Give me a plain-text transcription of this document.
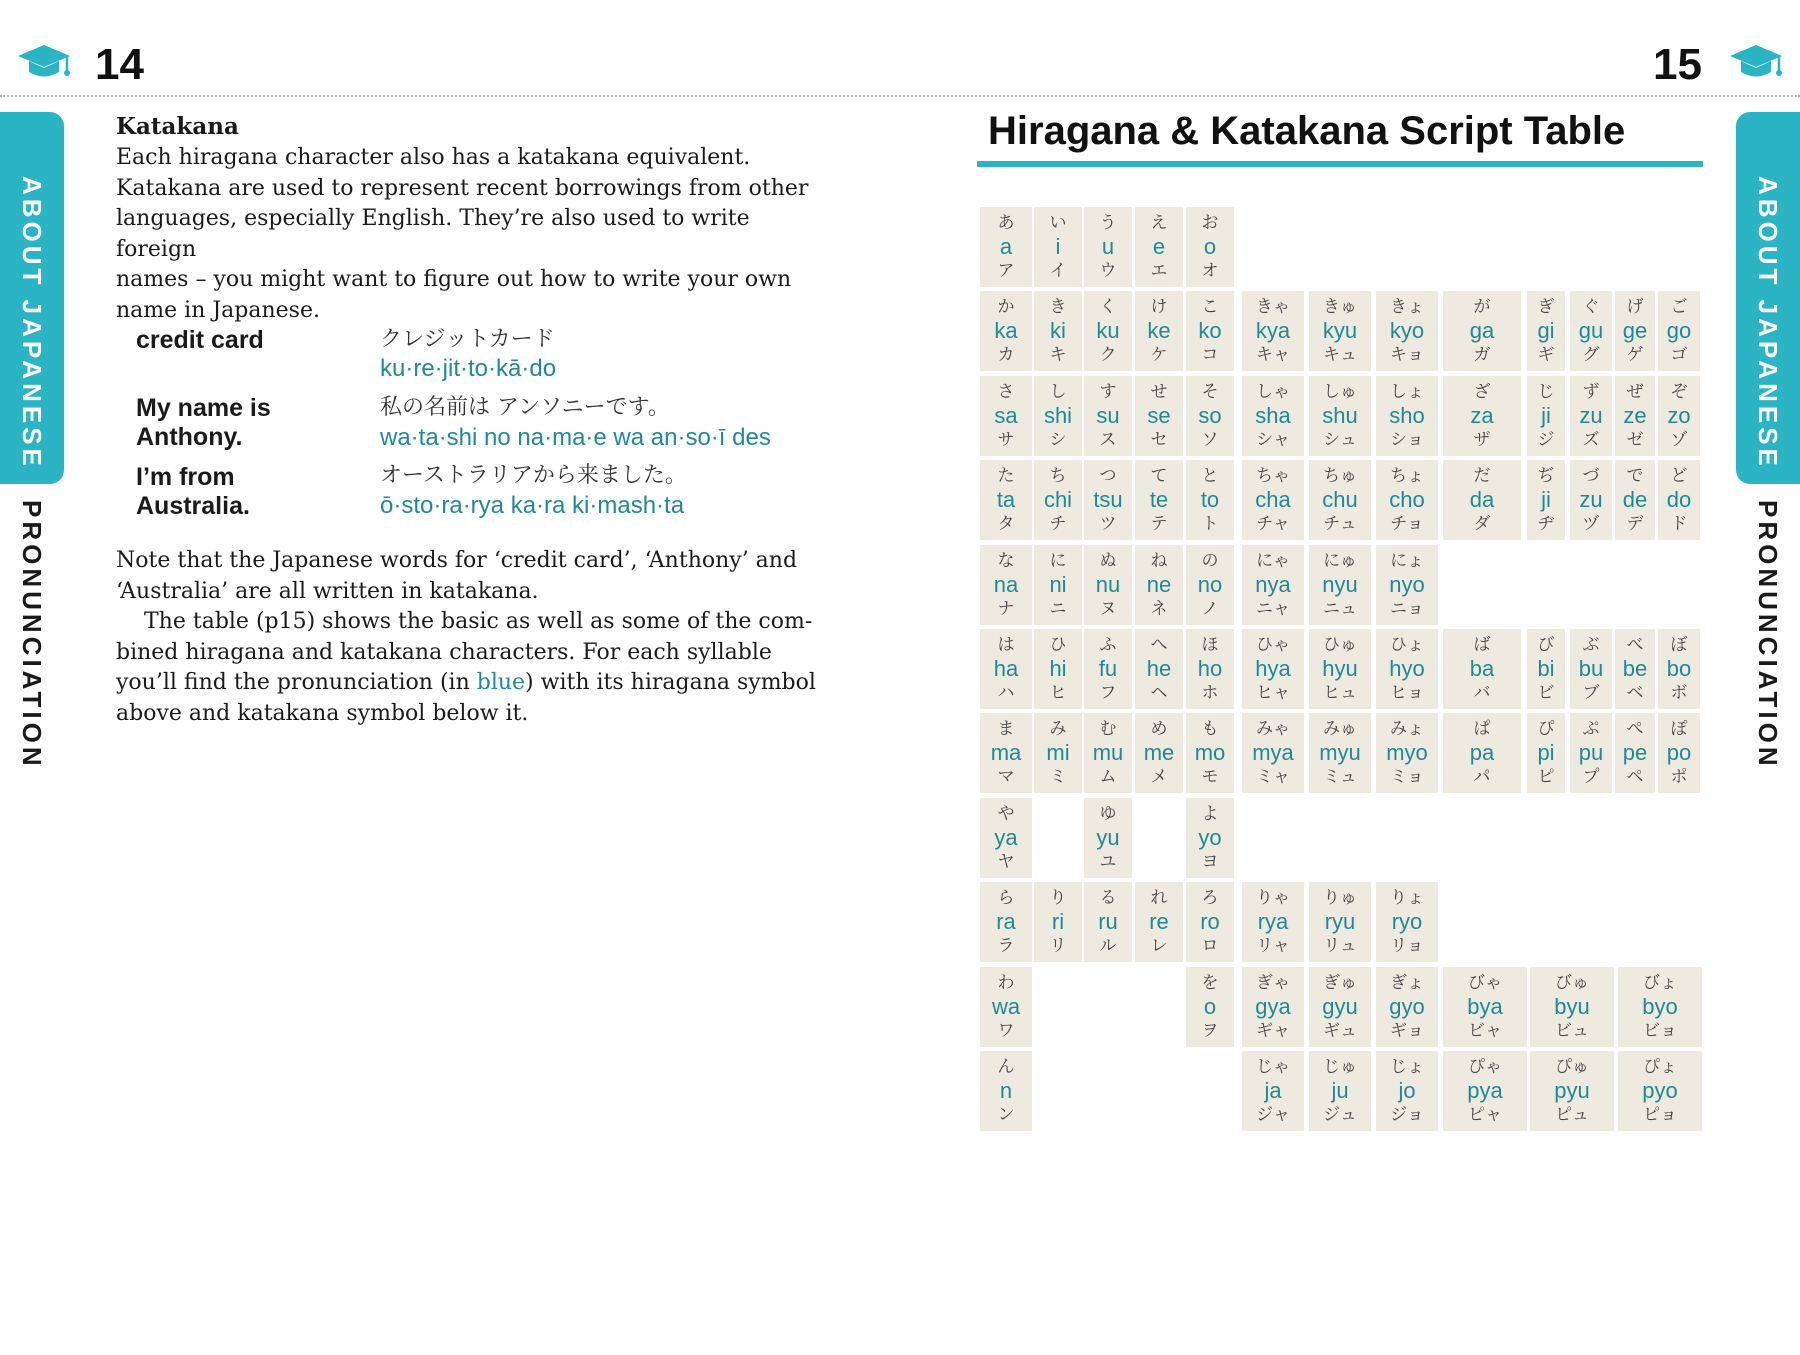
14	15
ABOUT JAPANESE
PRONUNCIATION
ABOUT JAPANESE
PRONUNCIATION
Katakana

Each hiragana character also has a katakana equivalent.

Katakana are used to represent recent borrowings from other

languages, especially English. They’re also used to write foreign

names – you might want to figure out how to write your own

name in Japanese.

credit card	クレジットカード
ku·re·jit·to·kā·do
My name is Anthony.
私の名前は アンソニーです。
wa·ta·shi no na·ma·e wa an·so·ī des
I’m from Australia.
オーストラリアから来ました。
ō·sto·ra·rya ka·ra ki·mash·ta

Note that the Japanese words for ‘credit card’, ‘Anthony’ and

‘Australia’ are all written in katakana.

The table (p15) shows the basic as well as some of the com-

bined hiragana and katakana characters. For each syllable

you’ll find the pronunciation (in blue) with its hiragana symbol

above and katakana symbol below it.

Hiragana & Katakana Script Table
あ
a
ア
い
i
イ
う
u
ウ
え
e
エ
お
o
オ
か
ka
カ
き
ki
キ
く
ku
ク
け
ke
ケ
こ
ko
コ
きゃ
kya
キャ
きゅ
kyu
キュ
きょ
kyo
キョ
が
ga
ガ
ぎ
gi
ギ
ぐ
gu
グ
げ
ge
ゲ
ご
go
ゴ
さ
sa
サ
し
shi
シ
す
su
ス
せ
se
セ
そ
so
ソ
しゃ
sha
シャ
しゅ
shu
シュ
しょ
sho
ショ
ざ
za
ザ
じ
ji
ジ
ず
zu
ズ
ぜ
ze
ゼ
ぞ
zo
ゾ
た
ta
タ
ち
chi
チ
つ
tsu
ツ
て
te
テ
と
to
ト
ちゃ
cha
チャ
ちゅ
chu
チュ
ちょ
cho
チョ
だ
da
ダ
ぢ
ji
ヂ
づ
zu
ヅ
で
de
デ
ど
do
ド
な
na
ナ
に
ni
ニ
ぬ
nu
ヌ
ね
ne
ネ
の
no
ノ
にゃ
nya
ニャ
にゅ
nyu
ニュ
にょ
nyo
ニョ
は
ha
ハ
ひ
hi
ヒ
ふ
fu
フ
へ
he
ヘ
ほ
ho
ホ
ひゃ
hya
ヒャ
ひゅ
hyu
ヒュ
ひょ
hyo
ヒョ
ば
ba
バ
び
bi
ビ
ぶ
bu
ブ
べ
be
ベ
ぼ
bo
ボ
ま
ma
マ
み
mi
ミ
む
mu
ム
め
me
メ
も
mo
モ
みゃ
mya
ミャ
みゅ
myu
ミュ
みょ
myo
ミョ
ぱ
pa
パ
ぴ
pi
ピ
ぷ
pu
プ
ぺ
pe
ペ
ぽ
po
ポ
や
ya
ヤ
ゆ
yu
ユ
よ
yo
ヨ
ら
ra
ラ
り
ri
リ
る
ru
ル
れ
re
レ
ろ
ro
ロ
りゃ
rya
リャ
りゅ
ryu
リュ
りょ
ryo
リョ
わ
wa
ワ
を
o
ヲ
ぎゃ
gya
ギャ
ぎゅ
gyu
ギュ
ぎょ
gyo
ギョ
びゃ
bya
ビャ
びゅ
byu
ビュ
びょ
byo
ビョ
ん
n
ン
じゃ
ja
ジャ
じゅ
ju
ジュ
じょ
jo
ジョ
ぴゃ
pya
ピャ
ぴゅ
pyu
ピュ
ぴょ
pyo
ピョ
